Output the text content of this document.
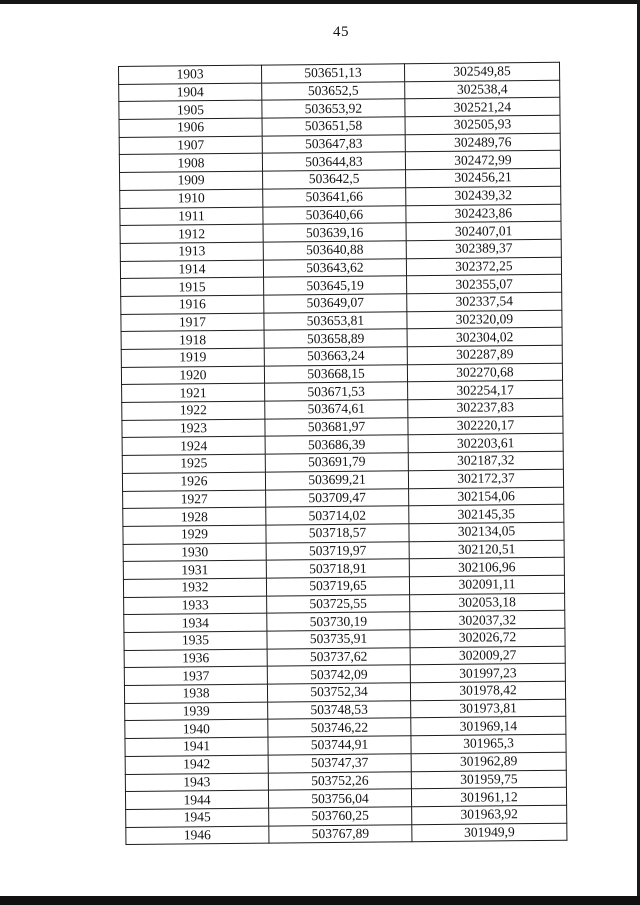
45
1903	503651,13	302549,85
1904	503652,5	302538,4
1905	503653,92	302521,24
1906	503651,58	302505,93
1907	503647,83	302489,76
1908	503644,83	302472,99
1909	503642,5	302456,21
1910	503641,66	302439,32
1911	503640,66	302423,86
1912	503639,16	302407,01
1913	503640,88	302389,37
1914	503643,62	302372,25
1915	503645,19	302355,07
1916	503649,07	302337,54
1917	503653,81	302320,09
1918	503658,89	302304,02
1919	503663,24	302287,89
1920	503668,15	302270,68
1921	503671,53	302254,17
1922	503674,61	302237,83
1923	503681,97	302220,17
1924	503686,39	302203,61
1925	503691,79	302187,32
1926	503699,21	302172,37
1927	503709,47	302154,06
1928	503714,02	302145,35
1929	503718,57	302134,05
1930	503719,97	302120,51
1931	503718,91	302106,96
1932	503719,65	302091,11
1933	503725,55	302053,18
1934	503730,19	302037,32
1935	503735,91	302026,72
1936	503737,62	302009,27
1937	503742,09	301997,23
1938	503752,34	301978,42
1939	503748,53	301973,81
1940	503746,22	301969,14
1941	503744,91	301965,3
1942	503747,37	301962,89
1943	503752,26	301959,75
1944	503756,04	301961,12
1945	503760,25	301963,92
1946	503767,89	301949,9
